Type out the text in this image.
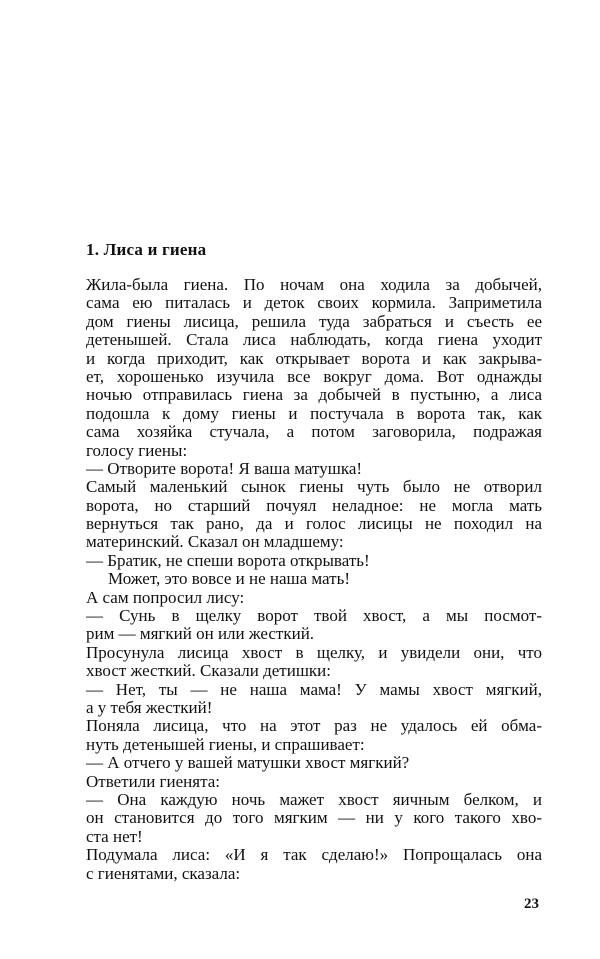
1. Лиса и гиена
Жила-была гиена. По ночам она ходила за добычей,
сама ею питалась и деток своих кормила. Заприметила
дом гиены лисица, решила туда забраться и съесть ее
детенышей. Стала лиса наблюдать, когда гиена уходит
и когда приходит, как открывает ворота и как закрыва-
ет, хорошенько изучила все вокруг дома. Вот однажды
ночью отправилась гиена за добычей в пустыню, а лиса
подошла к дому гиены и постучала в ворота так, как
сама хозяйка стучала, а потом заговорила, подражая
голосу гиены:
— Отворите ворота! Я ваша матушка!
Самый маленький сынок гиены чуть было не отворил
ворота, но старший почуял неладное: не могла мать
вернуться так рано, да и голос лисицы не походил на
материнский. Сказал он младшему:
— Братик, не спеши ворота открывать!
Может, это вовсе и не наша мать!
А сам попросил лису:
— Сунь в щелку ворот твой хвост, а мы посмот-
рим — мягкий он или жесткий.
Просунула лисица хвост в щелку, и увидели они, что
хвост жесткий. Сказали детишки:
— Нет, ты — не наша мама! У мамы хвост мягкий,
а у тебя жесткий!
Поняла лисица, что на этот раз не удалось ей обма-
нуть детенышей гиены, и спрашивает:
— А отчего у вашей матушки хвост мягкий?
Ответили гиенята:
— Она каждую ночь мажет хвост яичным белком, и
он становится до того мягким — ни у кого такого хво-
ста нет!
Подумала лиса: «И я так сделаю!» Попрощалась она
с гиенятами, сказала:
23
